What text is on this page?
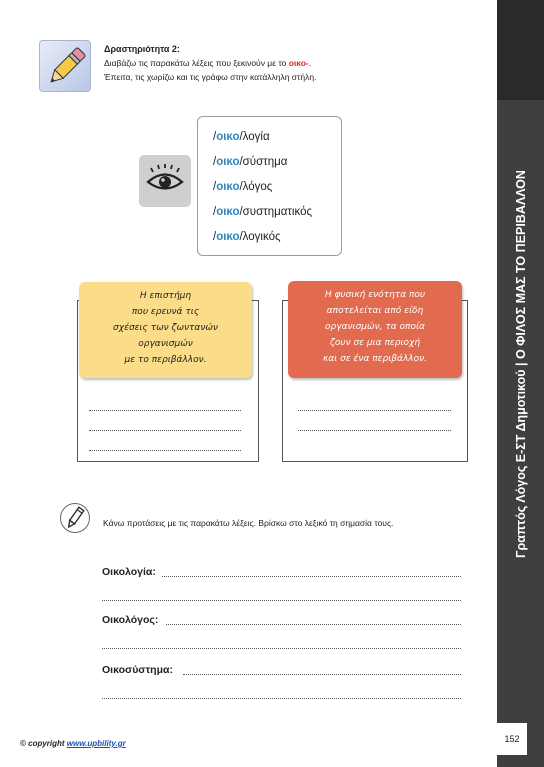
Γραπτός Λόγος Ε-ΣΤ Δημοτικού | Ο ΦΙΛΟΣ ΜΑΣ ΤΟ ΠΕΡΙΒΑΛΛΟΝ
152
Δραστηριότητα 2:
Διαβάζω τις παρακάτω λέξεις που ξεκινούν με το οικο-.
Έπειτα, τις χωρίζω και τις γράφω στην κατάλληλη στήλη.
/οικο/λογία
/οικο/σύστημα
/οικο/λόγος
/οικο/συστηματικός
/οικο/λογικός
Η επιστήμη
που ερευνά τις
σχέσεις των ζωντανών
οργανισμών
με το περιβάλλον.
Η φυσική ενότητα που
αποτελείται από είδη
οργανισμών, τα οποία
ζουν σε μια περιοχή
και σε ένα περιβάλλον.
Κάνω προτάσεις με τις παρακάτω λέξεις. Βρίσκω στο λεξικό τη σημασία τους.
Οικολογία:
Οικολόγος:
Οικοσύστημα:
© copyright www.upbility.gr
